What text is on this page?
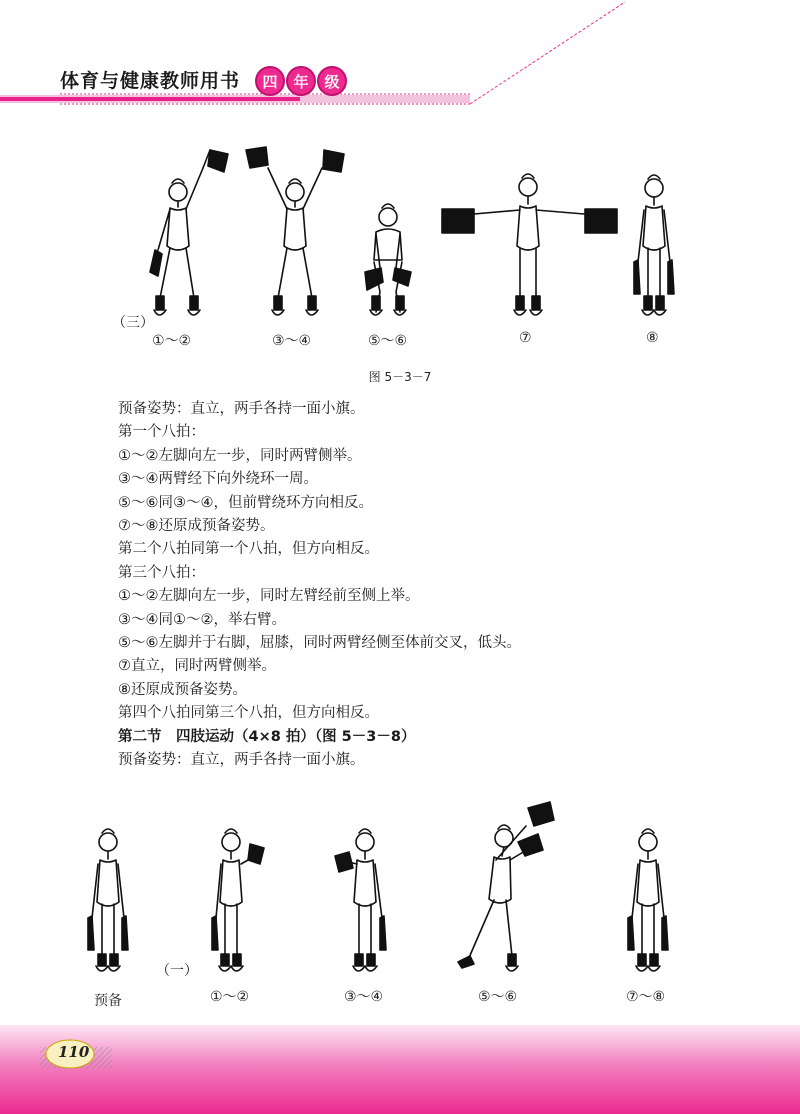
体育与健康教师用书	四	年	级
（三）
①～②	③～④	⑤～⑥	⑦	⑧
图 5－3－7
预备姿势：直立，两手各持一面小旗。
第一个八拍：
①～②左脚向左一步，同时两臂侧举。
③～④两臂经下向外绕环一周。
⑤～⑥同③～④，但前臂绕环方向相反。
⑦～⑧还原成预备姿势。
第二个八拍同第一个八拍，但方向相反。
第三个八拍：
①～②左脚向左一步，同时左臂经前至侧上举。
③～④同①～②，举右臂。
⑤～⑥左脚并于右脚，屈膝，同时两臂经侧至体前交叉，低头。
⑦直立，同时两臂侧举。
⑧还原成预备姿势。
第四个八拍同第三个八拍，但方向相反。
第二节　四肢运动（4×8 拍）（图 5－3－8）
预备姿势：直立，两手各持一面小旗。
预备
（一）
①～②	③～④	⑤～⑥	⑦～⑧
110
